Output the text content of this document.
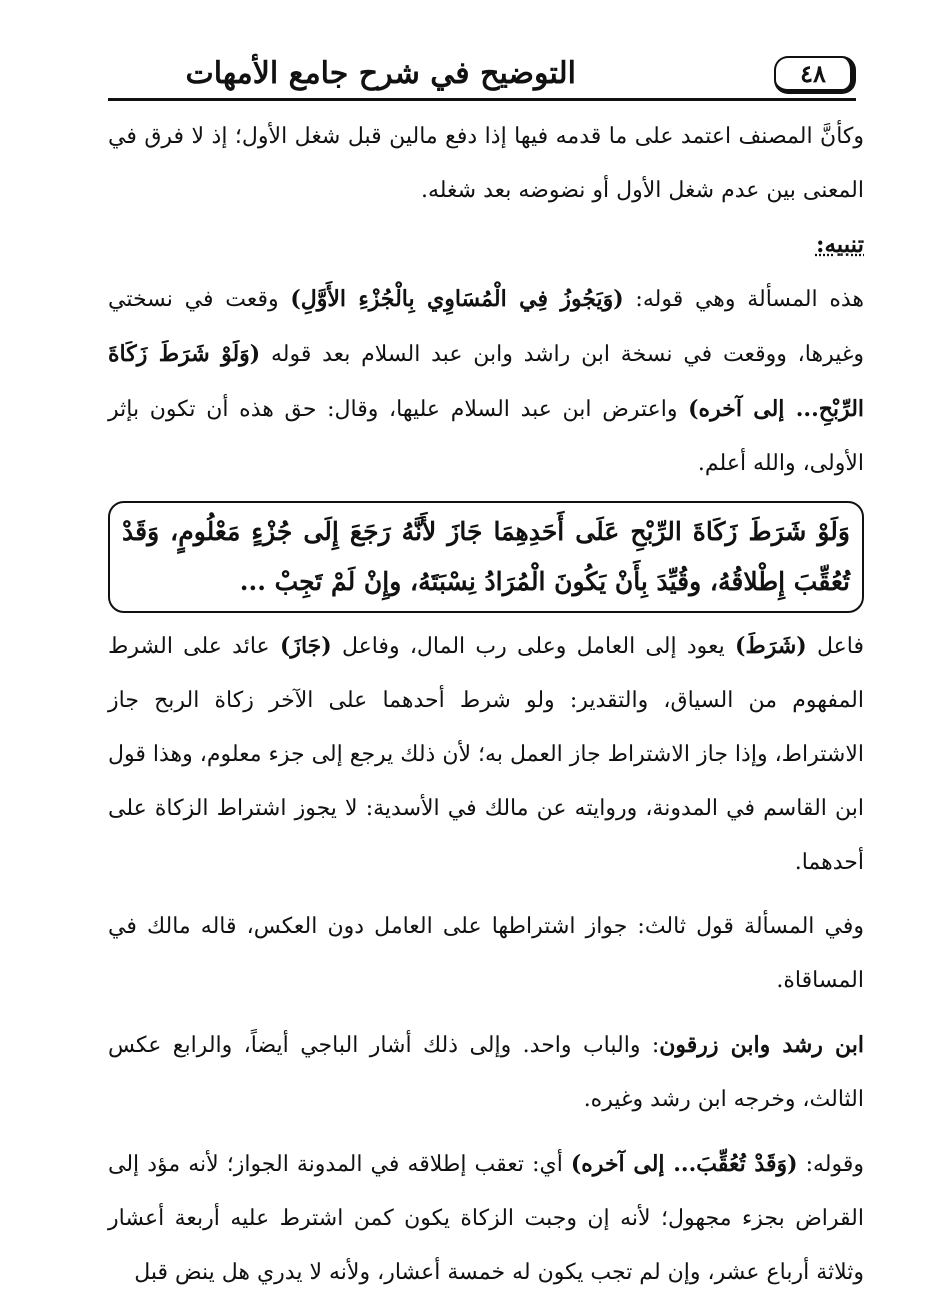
٤٨
التوضيح في شرح جامع الأمهات

وكأنَّ المصنف اعتمد على ما قدمه فيها إذا دفع مالين قبل شغل الأول؛ إذ لا فرق في المعنى بين عدم شغل الأول أو نضوضه بعد شغله.

تنبيه:

هذه المسألة وهي قوله: (وَيَجُوزُ فِي الْمُسَاوِي بِالْجُزْءِ الأَوَّلِ) وقعت في نسختي وغيرها، ووقعت في نسخة ابن راشد وابن عبد السلام بعد قوله (وَلَوْ شَرَطَ زَكَاةَ الرِّبْحِ... إلى آخره) واعترض ابن عبد السلام عليها، وقال: حق هذه أن تكون بإثر الأولى، والله أعلم.

وَلَوْ شَرَطَ زَكَاةَ الرِّبْحِ عَلَى أَحَدِهِمَا جَازَ لأَنَّهُ رَجَعَ إِلَى جُزْءٍ مَعْلُومٍ، وَقَدْ تُعُقِّبَ إِطْلاقُهُ، وقُيِّدَ بِأَنْ يَكُونَ الْمُرَادُ نِسْبَتَهُ، وإِنْ لَمْ تَجِبْ ...

فاعل (شَرَطَ) يعود إلى العامل وعلى رب المال، وفاعل (جَازَ) عائد على الشرط المفهوم من السياق، والتقدير: ولو شرط أحدهما على الآخر زكاة الربح جاز الاشتراط، وإذا جاز الاشتراط جاز العمل به؛ لأن ذلك يرجع إلى جزء معلوم، وهذا قول ابن القاسم في المدونة، وروايته عن مالك في الأسدية: لا يجوز اشتراط الزكاة على أحدهما.

وفي المسألة قول ثالث: جواز اشتراطها على العامل دون العكس، قاله مالك في المساقاة.

ابن رشد وابن زرقون: والباب واحد. وإلى ذلك أشار الباجي أيضاً، والرابع عكس الثالث، وخرجه ابن رشد وغيره.

وقوله: (وَقَدْ تُعُقِّبَ... إلى آخره) أي: تعقب إطلاقه في المدونة الجواز؛ لأنه مؤد إلى القراض بجزء مجهول؛ لأنه إن وجبت الزكاة يكون كمن اشترط عليه أربعة أعشار وثلاثة أرباع عشر، وإن لم تجب يكون له خمسة أعشار، ولأنه لا يدري هل ينض قبل
